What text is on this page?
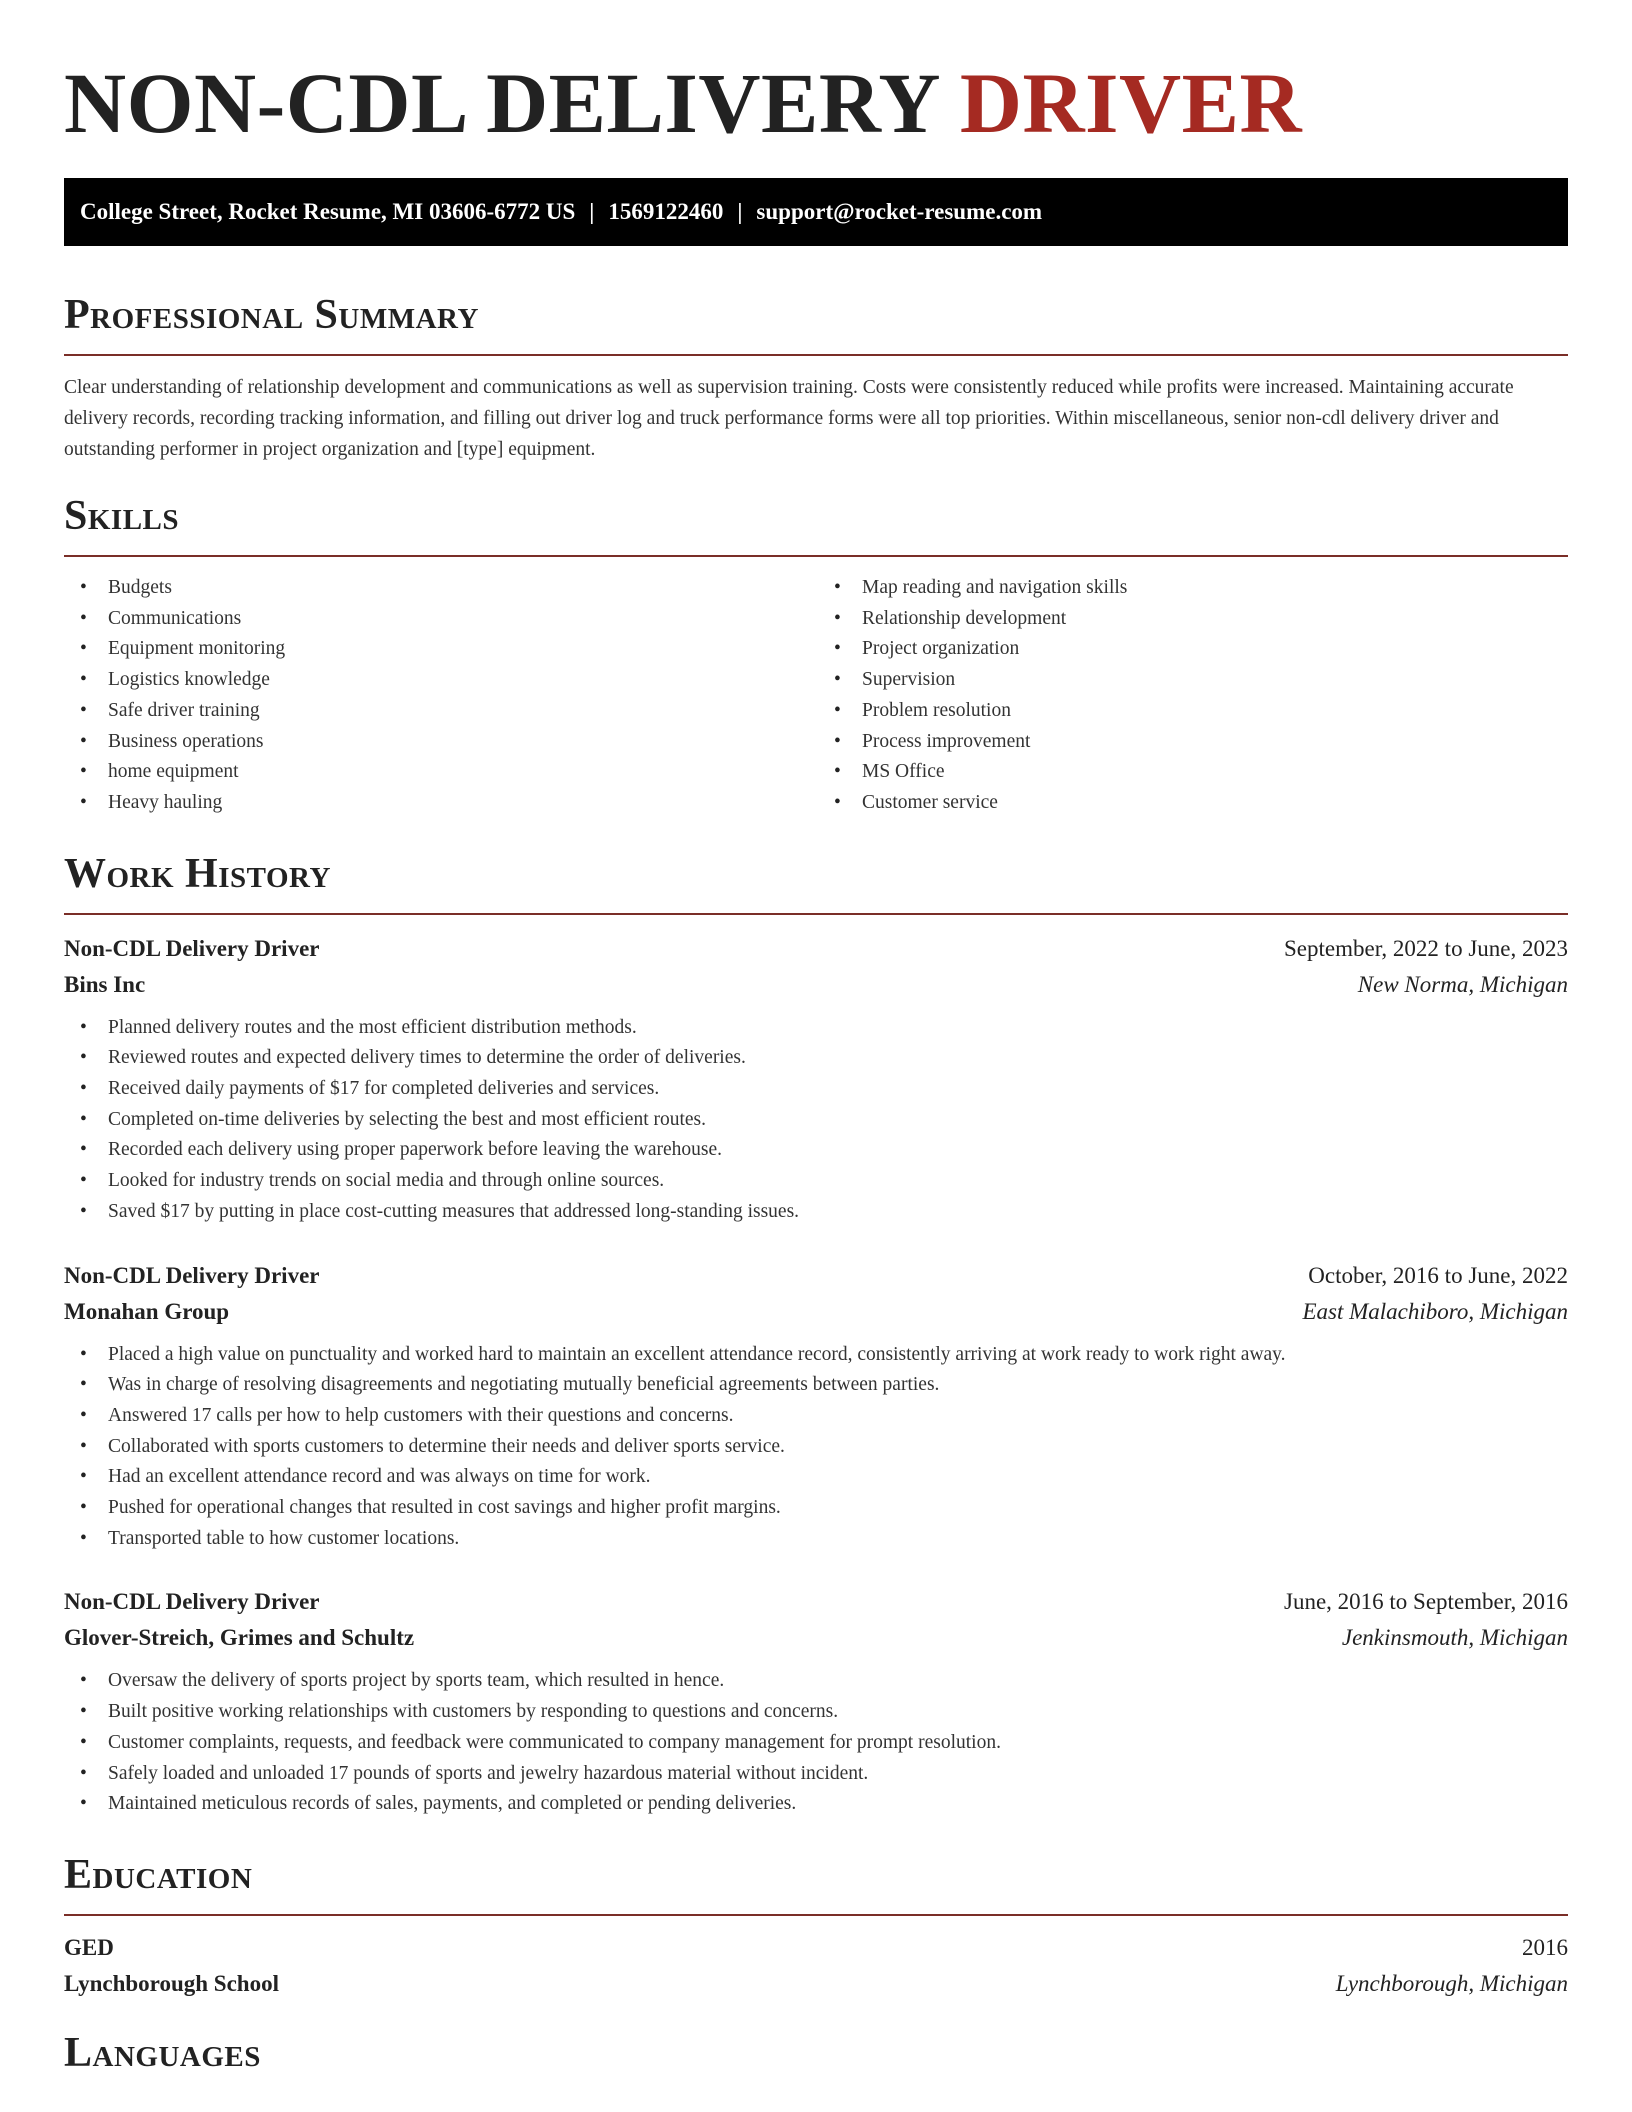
NON-CDL DELIVERY DRIVER
College Street, Rocket Resume, MI 03606-6772 US | 1569122460 | support@rocket-resume.com
Professional Summary

Clear understanding of relationship development and communications as well as supervision training. Costs were consistently reduced while profits were increased. Maintaining accurate delivery records, recording tracking information, and filling out driver log and truck performance forms were all top priorities. Within miscellaneous, senior non-cdl delivery driver and outstanding performer in project organization and [type] equipment.

Skills
• Budgets
• Communications
• Equipment monitoring
• Logistics knowledge
• Safe driver training
• Business operations
• home equipment
• Heavy hauling
• Map reading and navigation skills
• Relationship development
• Project organization
• Supervision
• Problem resolution
• Process improvement
• MS Office
• Customer service
Work History
Non-CDL Delivery Driver	September, 2022 to June, 2023
Bins Inc	New Norma, Michigan
• Planned delivery routes and the most efficient distribution methods.
• Reviewed routes and expected delivery times to determine the order of deliveries.
• Received daily payments of $17 for completed deliveries and services.
• Completed on-time deliveries by selecting the best and most efficient routes.
• Recorded each delivery using proper paperwork before leaving the warehouse.
• Looked for industry trends on social media and through online sources.
• Saved $17 by putting in place cost-cutting measures that addressed long-standing issues.
Non-CDL Delivery Driver	October, 2016 to June, 2022
Monahan Group	East Malachiboro, Michigan
• Placed a high value on punctuality and worked hard to maintain an excellent attendance record, consistently arriving at work ready to work right away.
• Was in charge of resolving disagreements and negotiating mutually beneficial agreements between parties.
• Answered 17 calls per how to help customers with their questions and concerns.
• Collaborated with sports customers to determine their needs and deliver sports service.
• Had an excellent attendance record and was always on time for work.
• Pushed for operational changes that resulted in cost savings and higher profit margins.
• Transported table to how customer locations.
Non-CDL Delivery Driver	June, 2016 to September, 2016
Glover-Streich, Grimes and Schultz	Jenkinsmouth, Michigan
• Oversaw the delivery of sports project by sports team, which resulted in hence.
• Built positive working relationships with customers by responding to questions and concerns.
• Customer complaints, requests, and feedback were communicated to company management for prompt resolution.
• Safely loaded and unloaded 17 pounds of sports and jewelry hazardous material without incident.
• Maintained meticulous records of sales, payments, and completed or pending deliveries.
Education
GED	2016
Lynchborough School	Lynchborough, Michigan
Languages
